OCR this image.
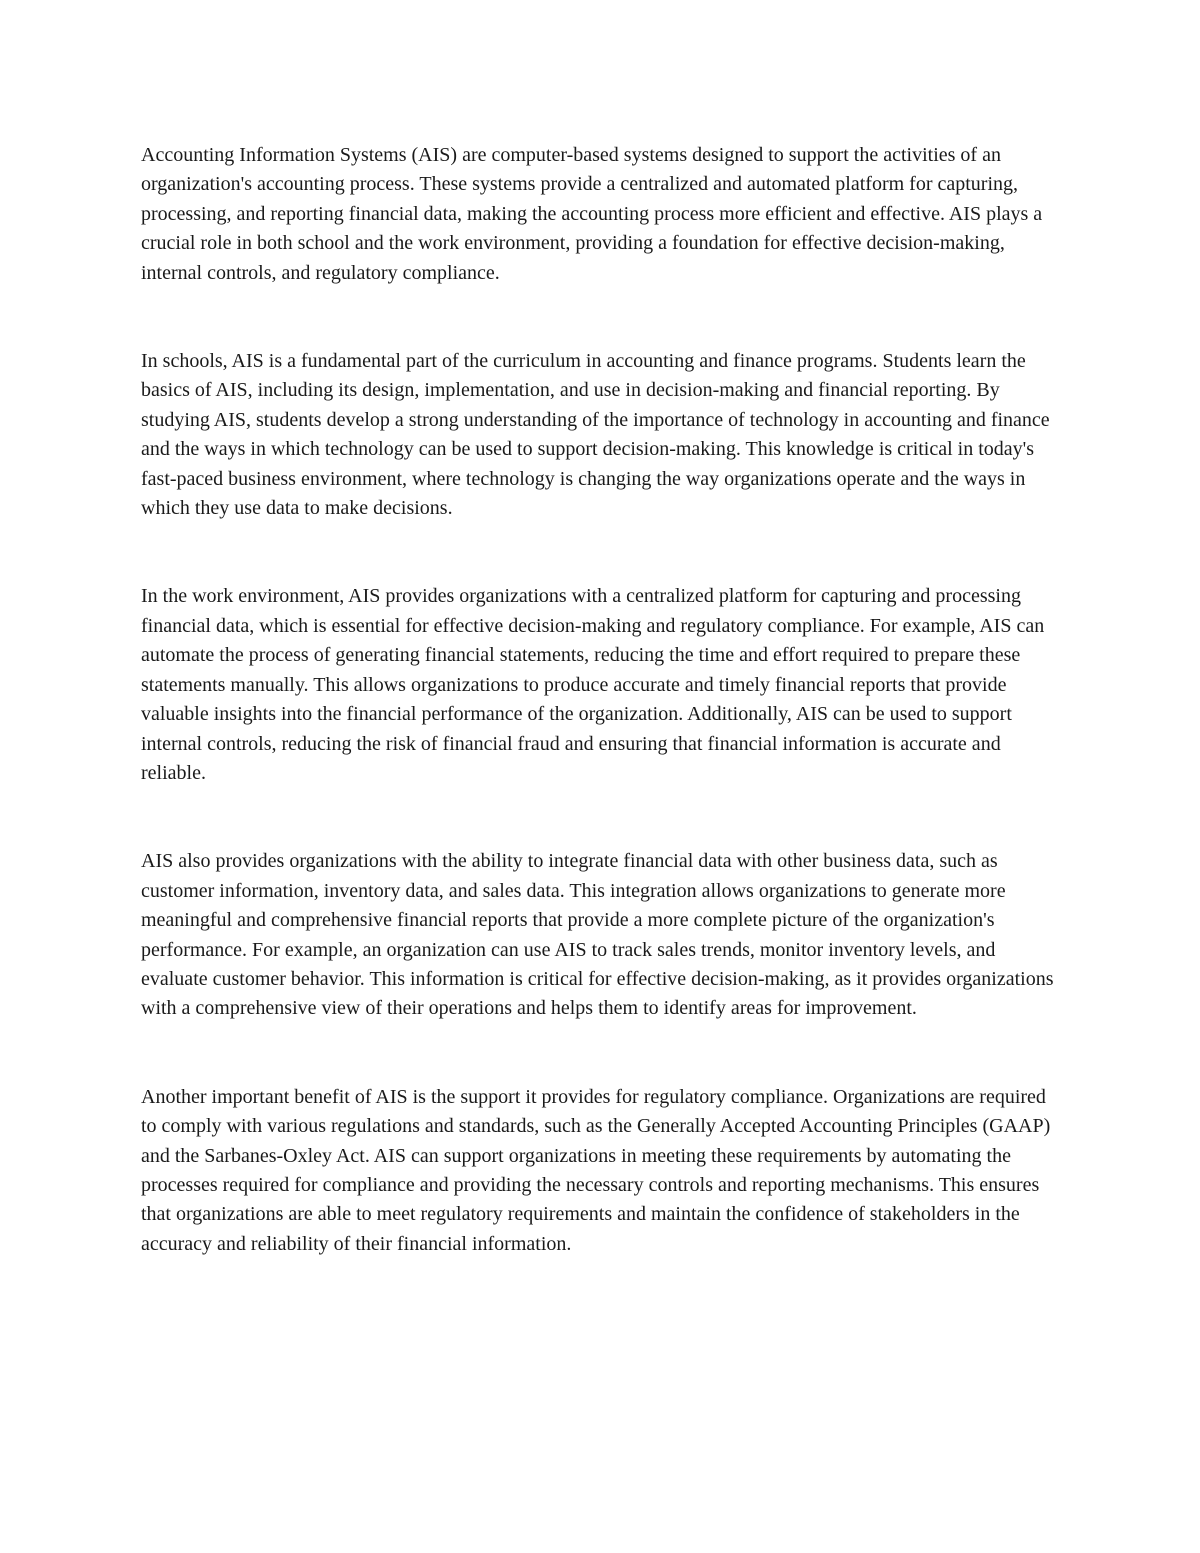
Accounting Information Systems (AIS) are computer-based systems designed to support the activities of an organization's accounting process. These systems provide a centralized and automated platform for capturing, processing, and reporting financial data, making the accounting process more efficient and effective. AIS plays a crucial role in both school and the work environment, providing a foundation for effective decision-making, internal controls, and regulatory compliance.

In schools, AIS is a fundamental part of the curriculum in accounting and finance programs. Students learn the basics of AIS, including its design, implementation, and use in decision-making and financial reporting. By studying AIS, students develop a strong understanding of the importance of technology in accounting and finance and the ways in which technology can be used to support decision-making. This knowledge is critical in today's fast-paced business environment, where technology is changing the way organizations operate and the ways in which they use data to make decisions.

In the work environment, AIS provides organizations with a centralized platform for capturing and processing financial data, which is essential for effective decision-making and regulatory compliance. For example, AIS can automate the process of generating financial statements, reducing the time and effort required to prepare these statements manually. This allows organizations to produce accurate and timely financial reports that provide valuable insights into the financial performance of the organization. Additionally, AIS can be used to support internal controls, reducing the risk of financial fraud and ensuring that financial information is accurate and reliable.

AIS also provides organizations with the ability to integrate financial data with other business data, such as customer information, inventory data, and sales data. This integration allows organizations to generate more meaningful and comprehensive financial reports that provide a more complete picture of the organization's performance. For example, an organization can use AIS to track sales trends, monitor inventory levels, and evaluate customer behavior. This information is critical for effective decision-making, as it provides organizations with a comprehensive view of their operations and helps them to identify areas for improvement.

Another important benefit of AIS is the support it provides for regulatory compliance. Organizations are required to comply with various regulations and standards, such as the Generally Accepted Accounting Principles (GAAP) and the Sarbanes-Oxley Act. AIS can support organizations in meeting these requirements by automating the processes required for compliance and providing the necessary controls and reporting mechanisms. This ensures that organizations are able to meet regulatory requirements and maintain the confidence of stakeholders in the accuracy and reliability of their financial information.
